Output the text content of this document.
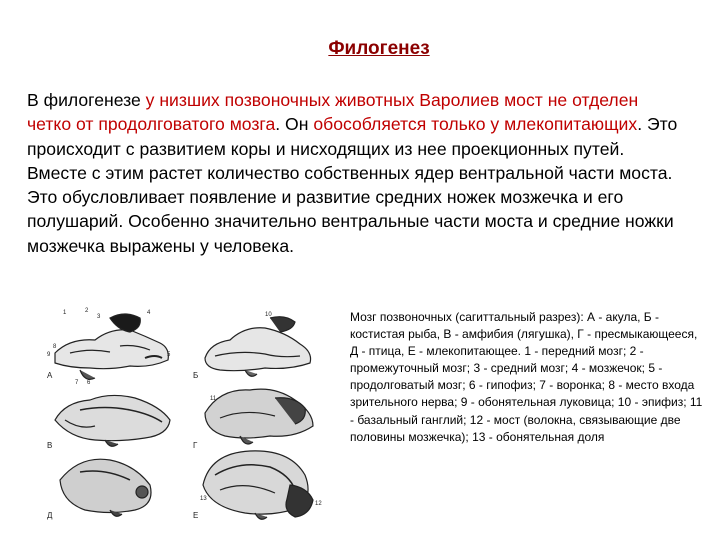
Филогенез
В филогенезе у низших позвоночных животных Варолиев мост не отделен четко от продолговатого мозга. Он обособляется только у млекопитающих. Это происходит с развитием коры и нисходящих из нее проекционных путей. Вместе с этим растет количество собственных ядер вентральной части моста. Это обусловливает появление и развитие средних ножек мозжечка и его полушарий. Особенно значительно вентральные части моста и средние ножки мозжечка выражены у человека.
А	Б
В	Г
Д	Е
1	2
3
4
5
6
7
8
9
10
11
12
13
Мозг позвоночных (сагиттальный разрез): А - акула, Б - костистая рыба, В - амфибия (лягушка), Г - пресмыкающееся, Д - птица, Е - млекопитающее. 1 - передний мозг; 2 - промежуточный мозг; 3 - средний мозг; 4 - мозжечок; 5 - продолговатый мозг; 6 - гипофиз; 7 - воронка; 8 - место входа зрительного нерва; 9 - обонятельная луковица; 10 - эпифиз; 11 - базальный ганглий; 12 - мост (волокна, связывающие две половины мозжечка); 13 - обонятельная доля
